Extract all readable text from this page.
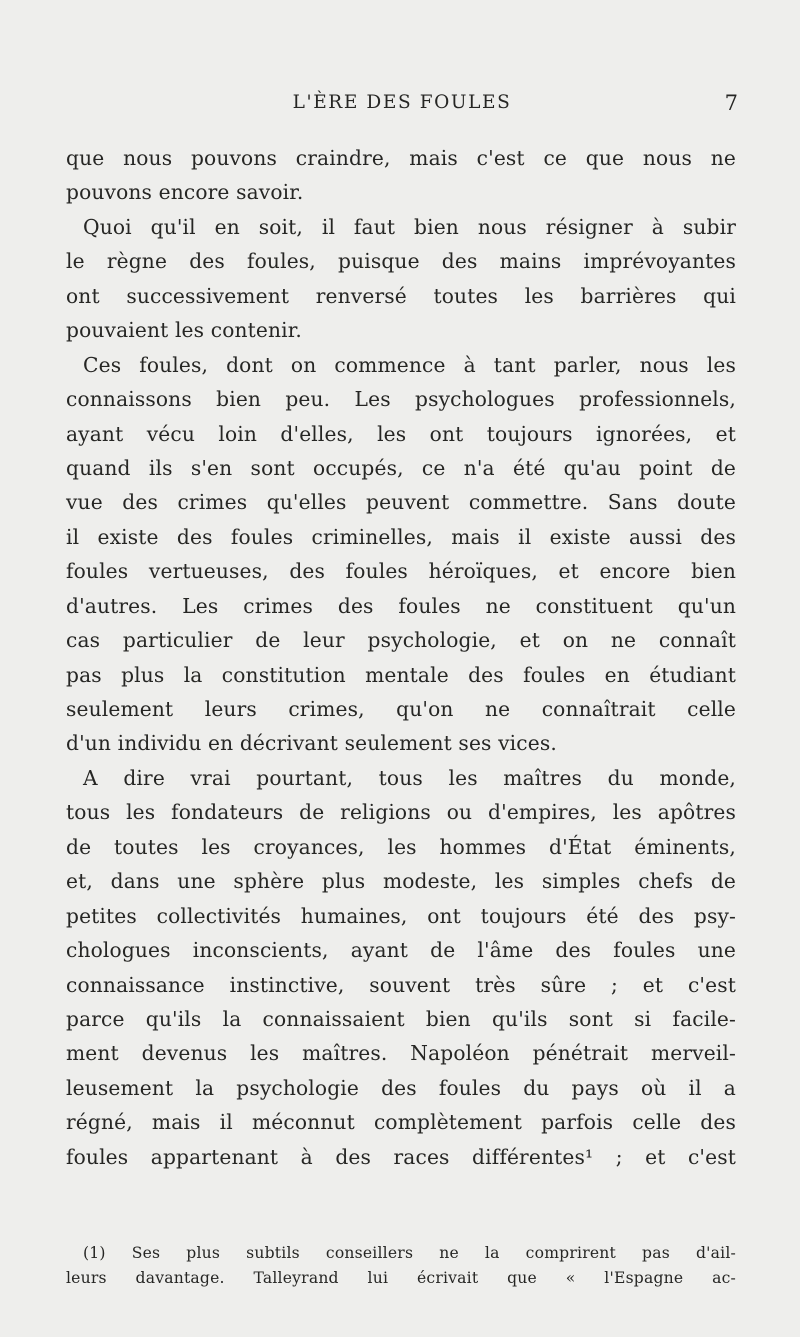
L'ÈRE DES FOULES	7
que nous pouvons craindre, mais c'est ce que nous ne
pouvons encore savoir.
Quoi qu'il en soit, il faut bien nous résigner à subir
le règne des foules, puisque des mains imprévoyantes
ont successivement renversé toutes les barrières qui
pouvaient les contenir.
Ces foules, dont on commence à tant parler, nous les
connaissons bien peu. Les psychologues professionnels,
ayant vécu loin d'elles, les ont toujours ignorées, et
quand ils s'en sont occupés, ce n'a été qu'au point de
vue des crimes qu'elles peuvent commettre. Sans doute
il existe des foules criminelles, mais il existe aussi des
foules vertueuses, des foules héroïques, et encore bien
d'autres. Les crimes des foules ne constituent qu'un
cas particulier de leur psychologie, et on ne connaît
pas plus la constitution mentale des foules en étudiant
seulement leurs crimes, qu'on ne connaîtrait celle
d'un individu en décrivant seulement ses vices.
A dire vrai pourtant, tous les maîtres du monde,
tous les fondateurs de religions ou d'empires, les apôtres
de toutes les croyances, les hommes d'État éminents,
et, dans une sphère plus modeste, les simples chefs de
petites collectivités humaines, ont toujours été des psy-
chologues inconscients, ayant de l'âme des foules une
connaissance instinctive, souvent très sûre ; et c'est
parce qu'ils la connaissaient bien qu'ils sont si facile-
ment devenus les maîtres. Napoléon pénétrait merveil-
leusement la psychologie des foules du pays où il a
régné, mais il méconnut complètement parfois celle des
foules appartenant à des races différentes¹ ; et c'est
(1) Ses plus subtils conseillers ne la comprirent pas d'ail-
leurs davantage. Talleyrand lui écrivait que « l'Espagne ac-
